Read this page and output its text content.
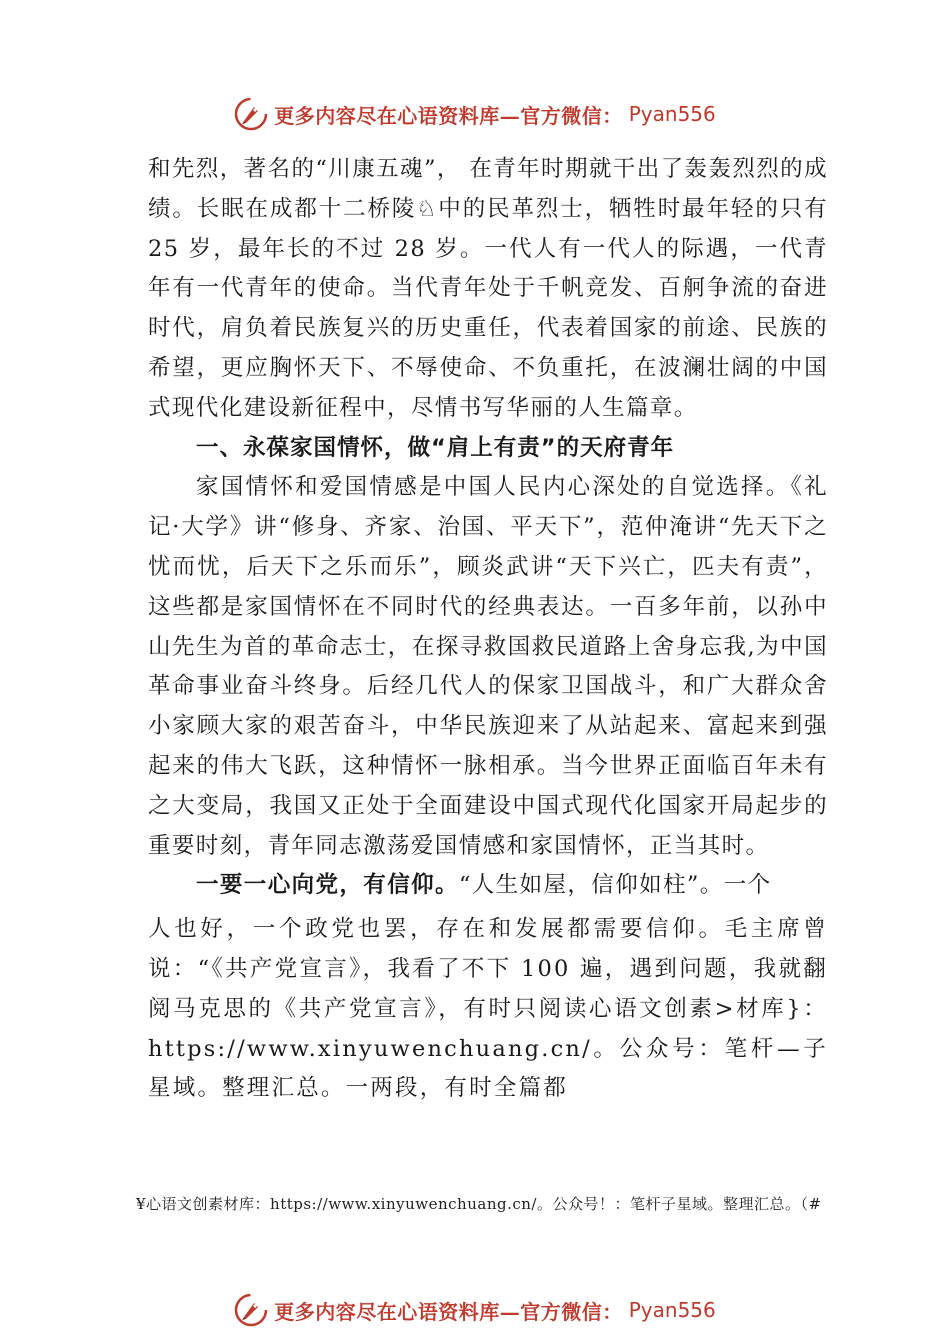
更多内容尽在心语资料库—官方微信： Pyan556

和先烈，著名的“川康五魂”， 在青年时期就干出了轰轰烈烈的成绩。长眠在成都十二桥陵♘中的民革烈士，牺牲时最年轻的只有 25 岁，最年长的不过 28 岁。一代人有一代人的际遇，一代青年有一代青年的使命。当代青年处于千帆竞发、百舸争流的奋进时代，肩负着民族复兴的历史重任，代表着国家的前途、民族的希望，更应胸怀天下、不辱使命、不负重托，在波澜壮阔的中国式现代化建设新征程中，尽情书写华丽的人生篇章。

一、永葆家国情怀，做“肩上有责”的天府青年

家国情怀和爱国情感是中国人民内心深处的自觉选择。《礼记·大学》讲“修身、齐家、治国、平天下”，范仲淹讲“先天下之忧而忧，后天下之乐而乐”，顾炎武讲“天下兴亡，匹夫有责”，这些都是家国情怀在不同时代的经典表达。一百多年前，以孙中山先生为首的革命志士，在探寻救国救民道路上舍身忘我,为中国革命事业奋斗终身。后经几代人的保家卫国战斗，和广大群众舍小家顾大家的艰苦奋斗，中华民族迎来了从站起来、富起来到强起来的伟大飞跃，这种情怀一脉相承。当今世界正面临百年未有之大变局，我国又正处于全面建设中国式现代化国家开局起步的重要时刻，青年同志激荡爱国情感和家国情怀，正当其时。

一要一心向党，有信仰。“人生如屋，信仰如柱”。一个

人也好，一个政党也罢，存在和发展都需要信仰。毛主席曾说：“《共产党宣言》，我看了不下 100 遍，遇到问题，我就翻阅马克思的《共产党宣言》，有时只阅读心语文创素>材库}：https://www.xinyuwenchuang.cn/。公众号：笔杆—子星域。整理汇总。一两段，有时全篇都

¥心语文创素材库：https://www.xinyuwenchuang.cn/。公众号！：笔杆子星域。整理汇总。（#

更多内容尽在心语资料库—官方微信： Pyan556
